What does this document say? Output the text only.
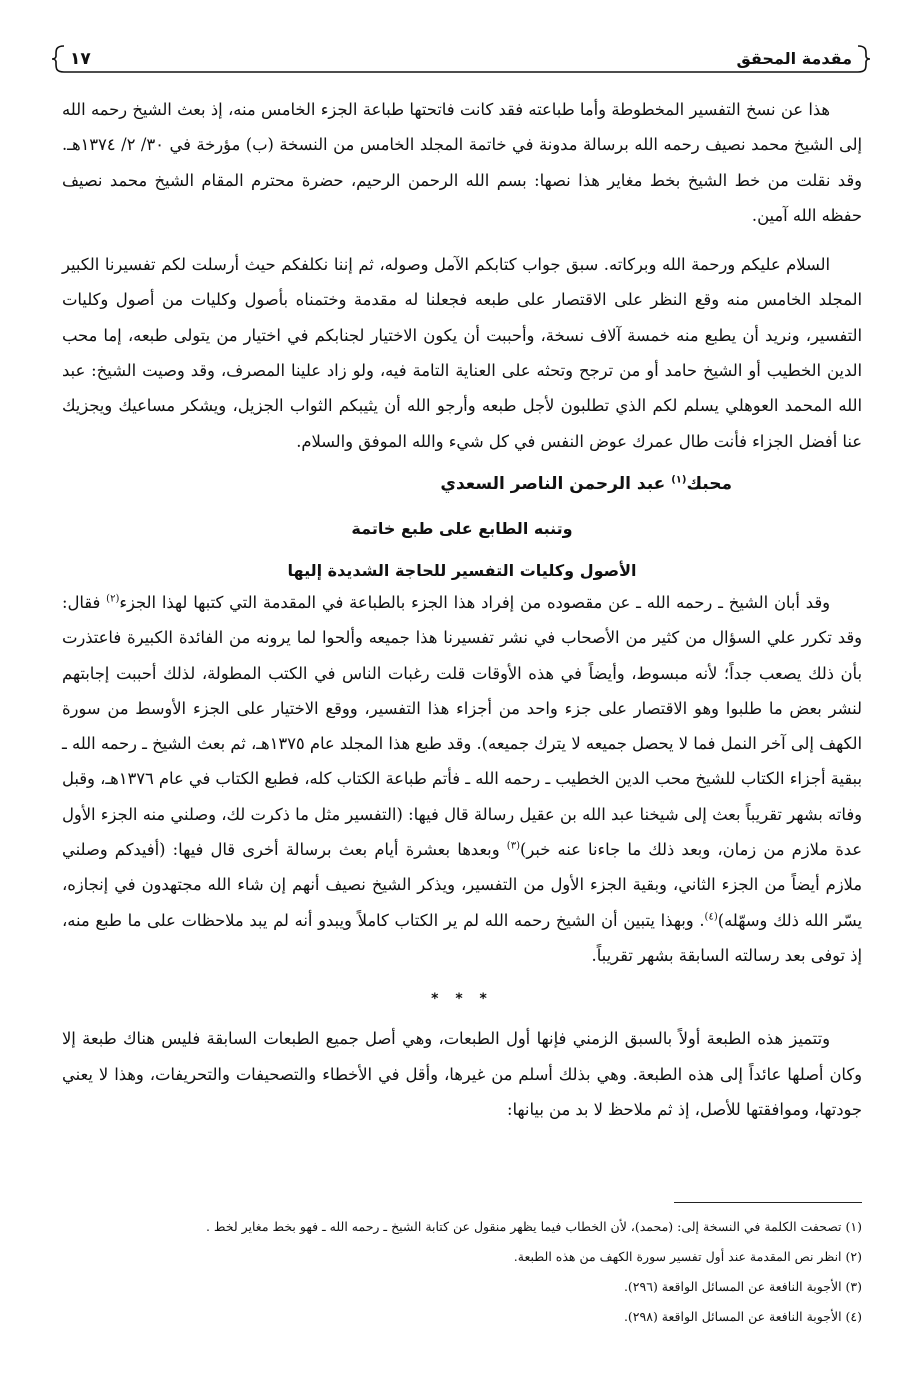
مقدمة المحقق
١٧

هذا عن نسخ التفسير المخطوطة وأما طباعته فقد كانت فاتحتها طباعة الجزء الخامس منه، إذ بعث الشيخ رحمه الله إلى الشيخ محمد نصيف رحمه الله برسالة مدونة في خاتمة المجلد الخامس من النسخة (ب) مؤرخة في ٣٠/ ٢/ ١٣٧٤هـ. وقد نقلت من خط الشيخ بخط مغاير هذا نصها: بسم الله الرحمن الرحيم، حضرة محترم المقام الشيخ محمد نصيف حفظه الله آمين.

السلام عليكم ورحمة الله وبركاته. سبق جواب كتابكم الآمل وصوله، ثم إننا نكلفكم حيث أرسلت لكم تفسيرنا الكبير المجلد الخامس منه وقع النظر على الاقتصار على طبعه فجعلنا له مقدمة وختمناه بأصول وكليات من أصول وكليات التفسير، ونريد أن يطبع منه خمسة آلاف نسخة، وأحببت أن يكون الاختيار لجنابكم في اختيار من يتولى طبعه، إما محب الدين الخطيب أو الشيخ حامد أو من ترجح وتحثه على العناية التامة فيه، ولو زاد علينا المصرف، وقد وصيت الشيخ: عبد الله المحمد العوهلي يسلم لكم الذي تطلبون لأجل طبعه وأرجو الله أن يثيبكم الثواب الجزيل، ويشكر مساعيك ويجزيك عنا أفضل الجزاء فأنت طال عمرك عوض النفس في كل شيء والله الموفق والسلام.

محبك$^{(١)}$ عبد الرحمن الناصر السعدي

وتنبه الطابع على طبع خاتمة

الأصول وكليات التفسير للحاجة الشديدة إليها

وقد أبان الشيخ ـ رحمه الله ـ عن مقصوده من إفراد هذا الجزء بالطباعة في المقدمة التي كتبها لهذا الجزء$^{(٢)}$ فقال: وقد تكرر علي السؤال من كثير من الأصحاب في نشر تفسيرنا هذا جميعه وألحوا لما يرونه من الفائدة الكبيرة فاعتذرت بأن ذلك يصعب جداً؛ لأنه مبسوط، وأيضاً في هذه الأوقات قلت رغبات الناس في الكتب المطولة، لذلك أحببت إجابتهم لنشر بعض ما طلبوا وهو الاقتصار على جزء واحد من أجزاء هذا التفسير، ووقع الاختيار على الجزء الأوسط من سورة الكهف إلى آخر النمل فما لا يحصل جميعه لا يترك جميعه). وقد طبع هذا المجلد عام ١٣٧٥هـ، ثم بعث الشيخ ـ رحمه الله ـ ببقية أجزاء الكتاب للشيخ محب الدين الخطيب ـ رحمه الله ـ فأتم طباعة الكتاب كله، فطبع الكتاب في عام ١٣٧٦هـ، وقبل وفاته بشهر تقريباً بعث إلى شيخنا عبد الله بن عقيل رسالة قال فيها: (التفسير مثل ما ذكرت لك، وصلني منه الجزء الأول عدة ملازم من زمان، وبعد ذلك ما جاءنا عنه خبر)$^{(٣)}$ وبعدها بعشرة أيام بعث برسالة أخرى قال فيها: (أفيدكم وصلني ملازم أيضاً من الجزء الثاني، وبقية الجزء الأول من التفسير، ويذكر الشيخ نصيف أنهم إن شاء الله مجتهدون في إنجازه، يسّر الله ذلك وسهّله)$^{(٤)}$. وبهذا يتبين أن الشيخ رحمه الله لم ير الكتاب كاملاً ويبدو أنه لم يبد ملاحظات على ما طبع منه، إذ توفى بعد رسالته السابقة بشهر تقريباً.

* * *

وتتميز هذه الطبعة أولاً بالسبق الزمني فإنها أول الطبعات، وهي أصل جميع الطبعات السابقة فليس هناك طبعة إلا وكان أصلها عائداً إلى هذه الطبعة. وهي بذلك أسلم من غيرها، وأقل في الأخطاء والتصحيفات والتحريفات، وهذا لا يعني جودتها، وموافقتها للأصل، إذ ثم ملاحظ لا بد من بيانها:

(١) تصحفت الكلمة في النسخة إلى: (محمد)، لأن الخطاب فيما يظهر منقول عن كتابة الشيخ ـ رحمه الله ـ فهو بخط مغاير لخط .

(٢) انظر نص المقدمة عند أول تفسير سورة الكهف من هذه الطبعة.

(٣) الأجوبة النافعة عن المسائل الواقعة (٢٩٦).

(٤) الأجوبة النافعة عن المسائل الواقعة (٢٩٨).
